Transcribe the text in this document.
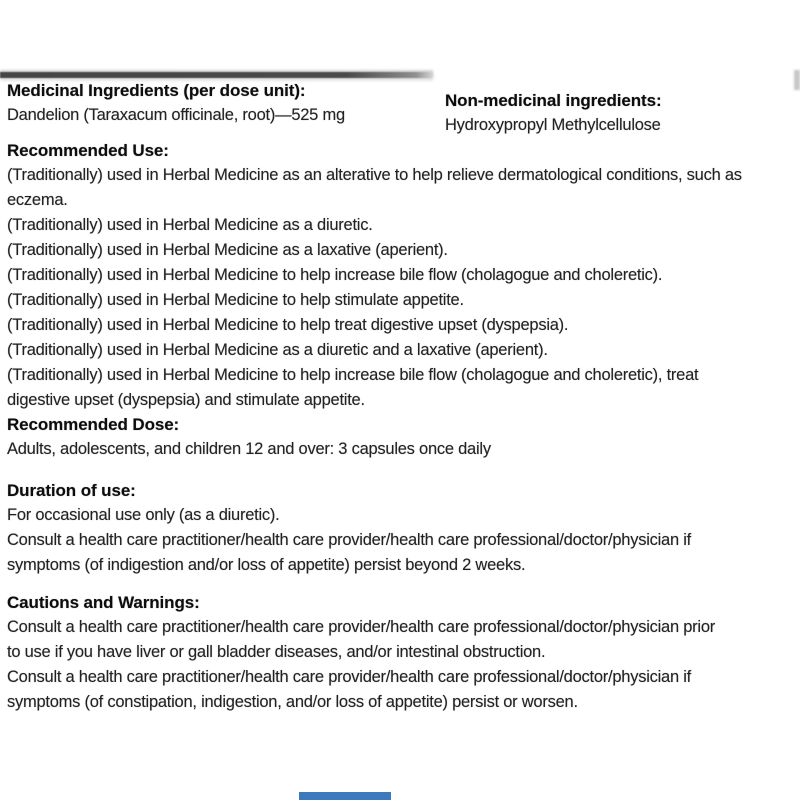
Medicinal Ingredients (per dose unit):
Dandelion (Taraxacum officinale, root)—525 mg
Non-medicinal ingredients:
Hydroxypropyl Methylcellulose
Recommended Use:
(Traditionally) used in Herbal Medicine as an alterative to help relieve dermatological conditions, such as
eczema.
(Traditionally) used in Herbal Medicine as a diuretic.
(Traditionally) used in Herbal Medicine as a laxative (aperient).
(Traditionally) used in Herbal Medicine to help increase bile flow (cholagogue and choleretic).
(Traditionally) used in Herbal Medicine to help stimulate appetite.
(Traditionally) used in Herbal Medicine to help treat digestive upset (dyspepsia).
(Traditionally) used in Herbal Medicine as a diuretic and a laxative (aperient).
(Traditionally) used in Herbal Medicine to help increase bile flow (cholagogue and choleretic), treat
digestive upset (dyspepsia) and stimulate appetite.
Recommended Dose:
Adults, adolescents, and children 12 and over: 3 capsules once daily
Duration of use:
For occasional use only (as a diuretic).
Consult a health care practitioner/health care provider/health care professional/doctor/physician if
symptoms (of indigestion and/or loss of appetite) persist beyond 2 weeks.
Cautions and Warnings:
Consult a health care practitioner/health care provider/health care professional/doctor/physician prior
to use if you have liver or gall bladder diseases, and/or intestinal obstruction.
Consult a health care practitioner/health care provider/health care professional/doctor/physician if
symptoms (of constipation, indigestion, and/or loss of appetite) persist or worsen.
